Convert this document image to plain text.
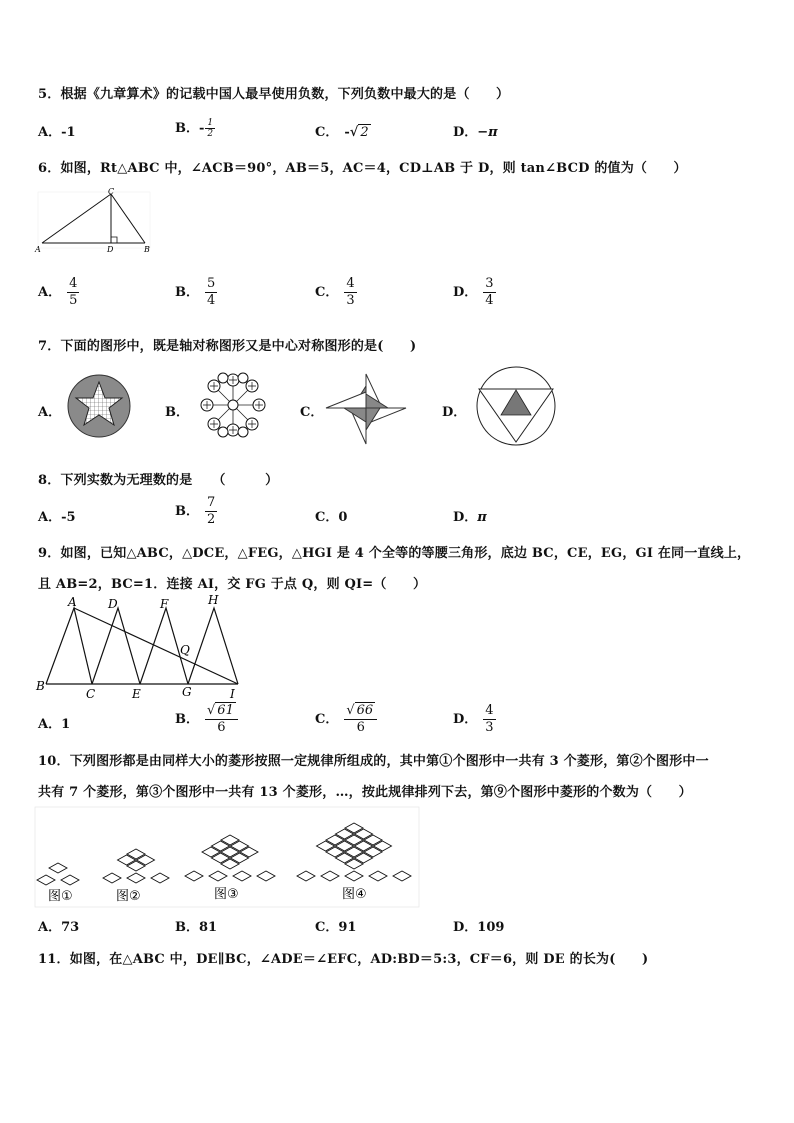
5．根据《九章算术》的记载中国人最早使用负数，下列负数中最大的是（　　）
A．-1	B．- $\frac{1}{2}$	C． -√ 2	D．−π
6．如图，Rt△ABC 中，∠ACB＝90°，AB＝5，AC＝4，CD⊥AB 于 D，则 tan∠BCD 的值为（　　）
A	B
C
D
A． $\frac{4}{5}$	B． $\frac{5}{4}$	C． $\frac{4}{3}$	D． $\frac{3}{4}$
7．下面的图形中，既是轴对称图形又是中心对称图形的是(　　)
A．	B．	C．	D．
8．下列实数为无理数的是　　（　　　）
A．-5	B． $\frac{7}{2}$	C．0	D．π
9．如图，已知△ABC，△DCE，△FEG，△HGI 是 4 个全等的等腰三角形，底边 BC，CE，EG，GI 在同一直线上，
且 AB=2，BC=1．连接 AI，交 FG 于点 Q，则 QI=（　　）
A
B
C
D
E
F
G
H
I
Q
A．1	B． $\frac{√ 61}{6}$	C． $\frac{√ 66}{6}$	D． $\frac{4}{3}$
10．下列图形都是由同样大小的菱形按照一定规律所组成的，其中第①个图形中一共有 3 个菱形，第②个图形中一
共有 7 个菱形，第③个图形中一共有 13 个菱形，…，按此规律排列下去，第⑨个图形中菱形的个数为（　　）
图①	图②	图③	图④
A．73	B．81	C．91	D．109
11．如图，在△ABC 中，DE∥BC，∠ADE＝∠EFC，AD:BD＝5:3，CF＝6，则 DE 的长为(　　)
